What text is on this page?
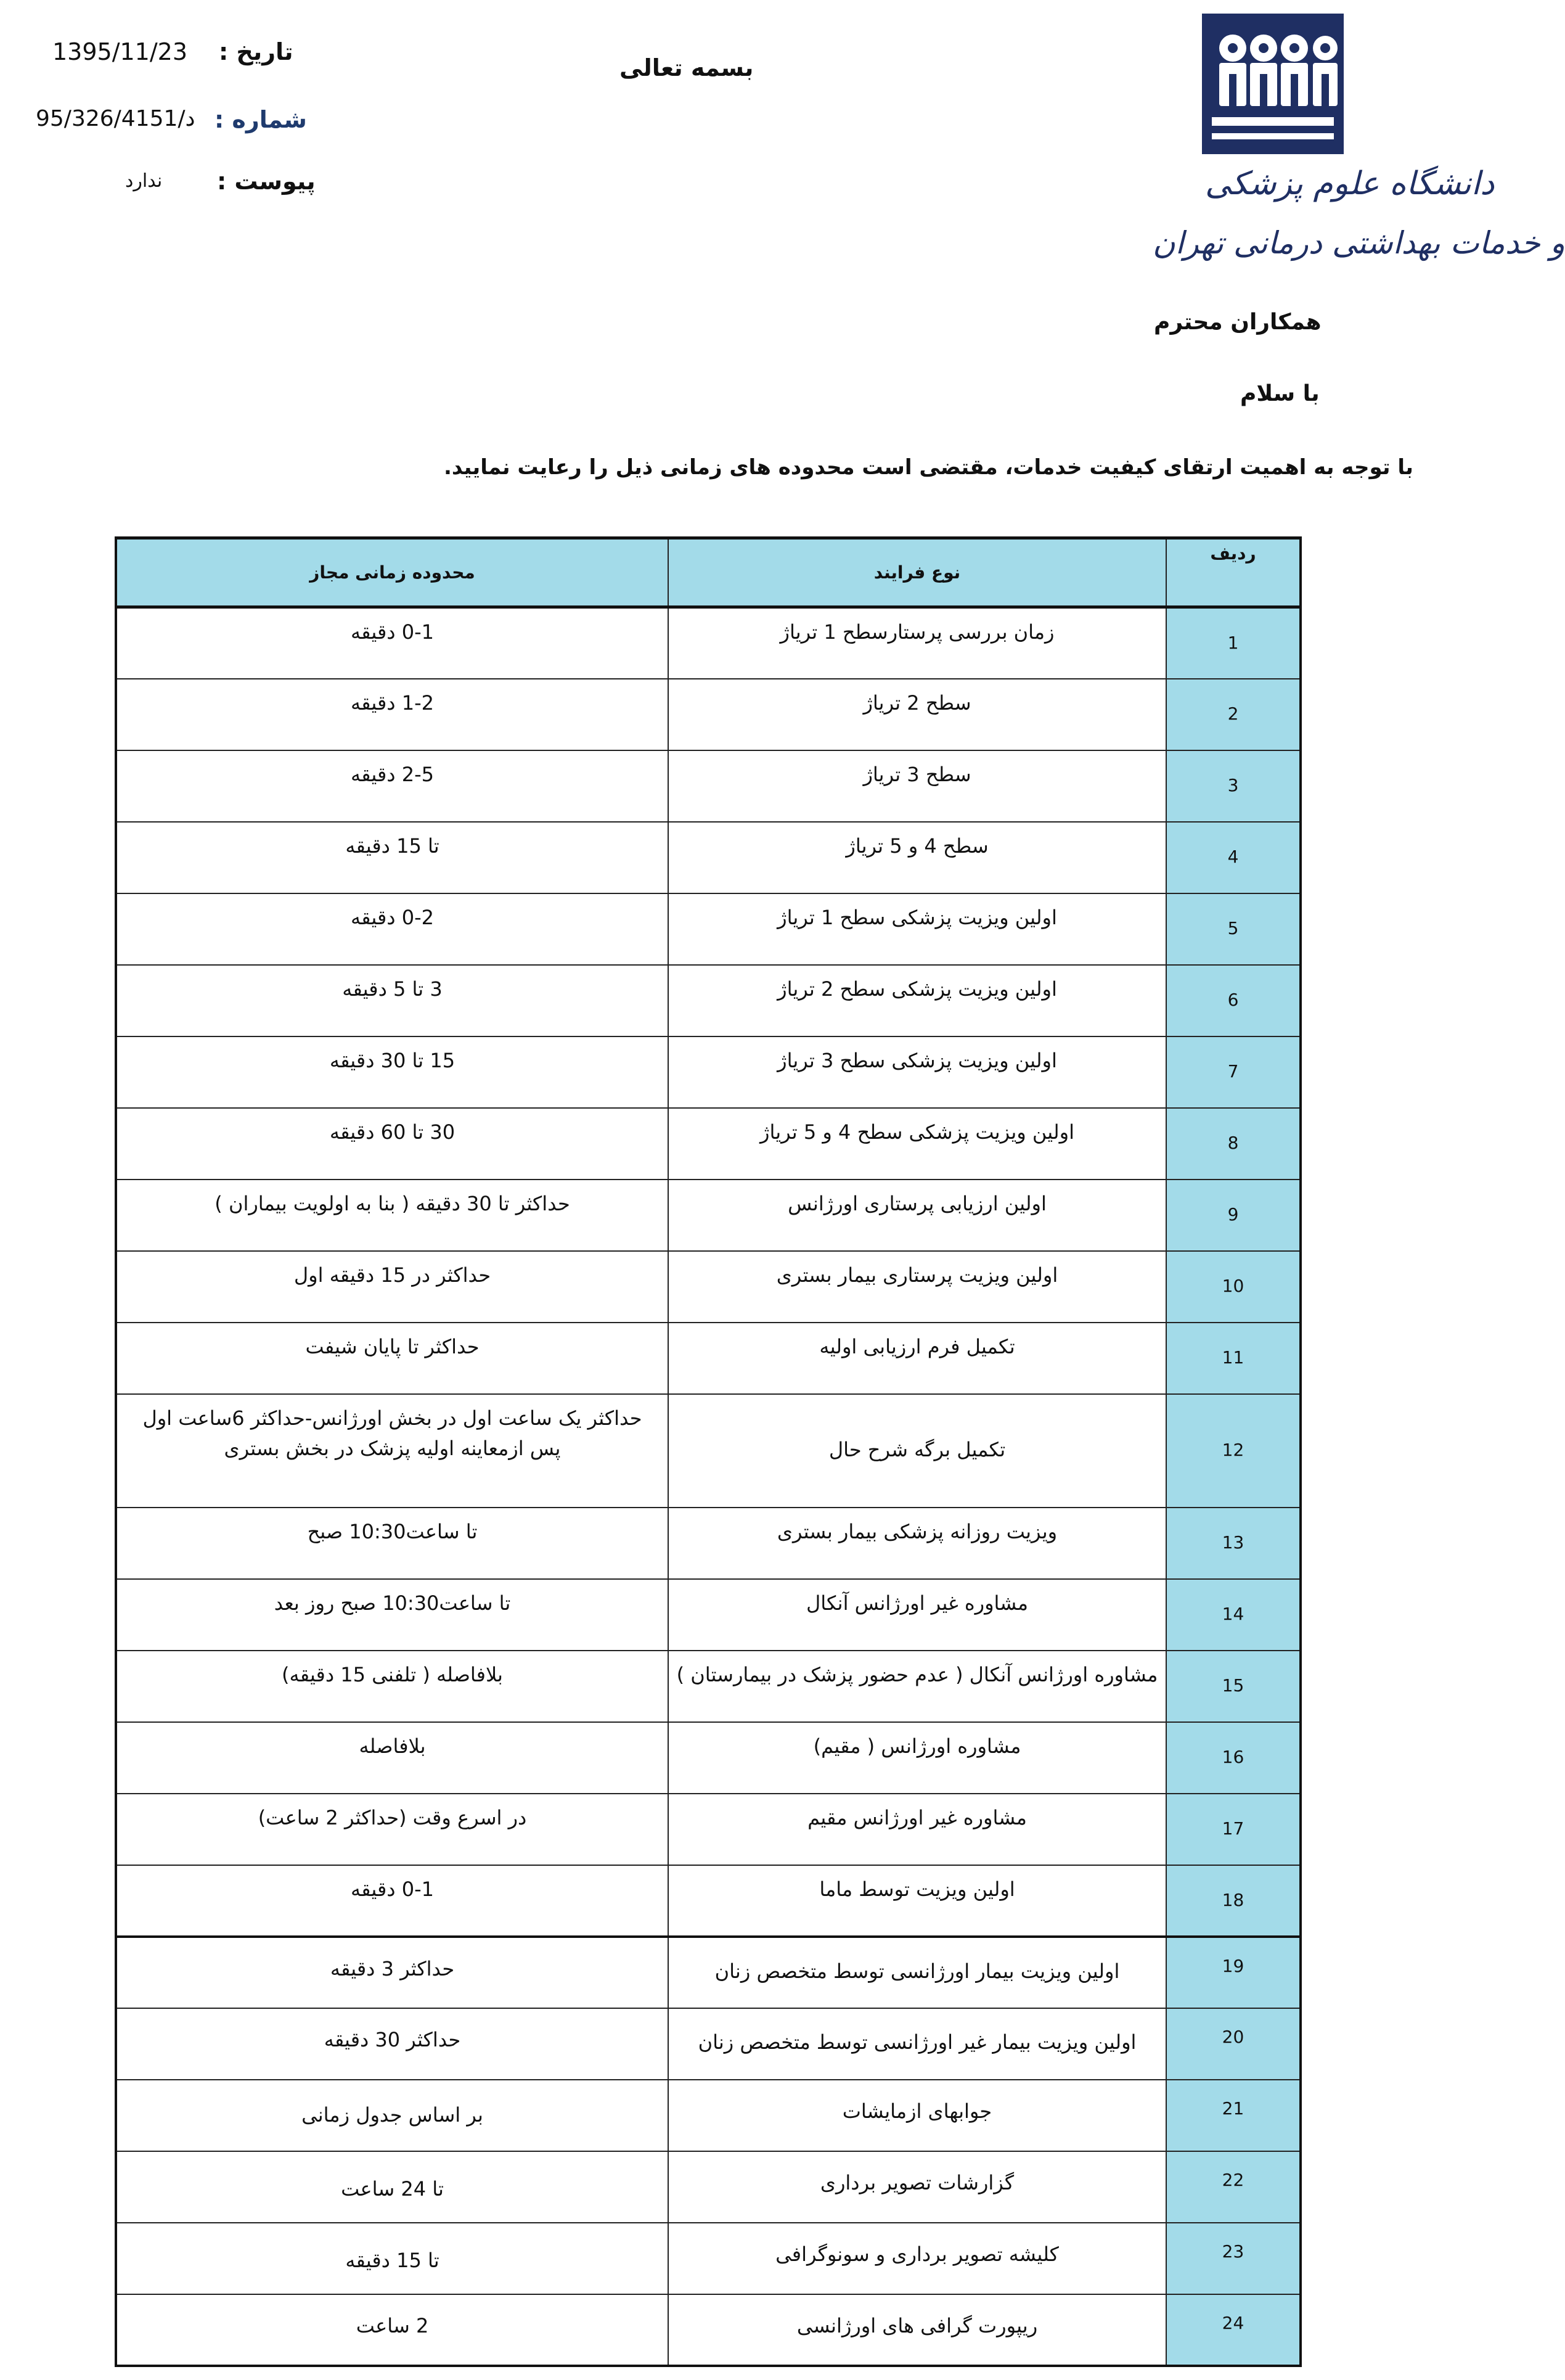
1395/11/23 تاریخ :
95/د/326/4151 شماره :
ندارد پیوست :
بسمه تعالی
دانشگاه علوم پزشکی
و خدمات بهداشتی درمانی تهران
همکاران محترم
با سلام
با توجه به اهمیت ارتقای کیفیت خدمات، مقتضی است محدوده های زمانی ذیل را رعایت نمایید.
ردیف	نوع فرایند	محدوده زمانی مجاز
1	زمان بررسی پرستارسطح 1 تریاژ	0-1 دقیقه
2	سطح 2 تریاژ	1-2 دقیقه
3	سطح 3 تریاژ	2-5 دقیقه
4	سطح 4 و 5 تریاژ	تا 15 دقیقه
5	اولین ویزیت پزشکی سطح 1 تریاژ	0-2 دقیقه
6	اولین ویزیت پزشکی سطح 2 تریاژ	3 تا 5 دقیقه
7	اولین ویزیت پزشکی سطح 3 تریاژ	15 تا 30 دقیقه
8	اولین ویزیت پزشکی سطح 4 و 5 تریاژ	30 تا 60 دقیقه
9	اولین ارزیابی پرستاری اورژانس	حداکثر تا 30 دقیقه ( بنا به اولویت بیماران )
10	اولین ویزیت پرستاری بیمار بستری	حداکثر در 15 دقیقه اول
11	تکمیل فرم ارزیابی اولیه	حداکثر تا پایان شیفت
12	تکمیل برگه شرح حال	حداکثر یک ساعت اول در بخش اورژانس-حداکثر 6ساعت اول پس ازمعاینه اولیه پزشک در بخش بستری
13	ویزیت روزانه پزشکی بیمار بستری	تا ساعت10:30 صبح
14	مشاوره غیر اورژانس آنکال	تا ساعت10:30 صبح روز بعد
15	مشاوره اورژانس آنکال ( عدم حضور پزشک در بیمارستان )	بلافاصله ( تلفنی 15 دقیقه)
16	مشاوره اورژانس ( مقیم)	بلافاصله
17	مشاوره غیر اورژانس مقیم	در اسرع وقت (حداکثر 2 ساعت)
18	اولین ویزیت توسط ماما	0-1 دقیقه
19	اولین ویزیت بیمار اورژانسی توسط متخصص زنان	حداکثر 3 دقیقه
20	اولین ویزیت بیمار غیر اورژانسی توسط متخصص زنان	حداکثر 30 دقیقه
21	جوابهای ازمایشات	بر اساس جدول زمانی
22	گزارشات تصویر برداری	تا 24 ساعت
23	کلیشه تصویر برداری و سونوگرافی	تا 15 دقیقه
24	ریپورت گرافی های اورژانسی	2 ساعت
